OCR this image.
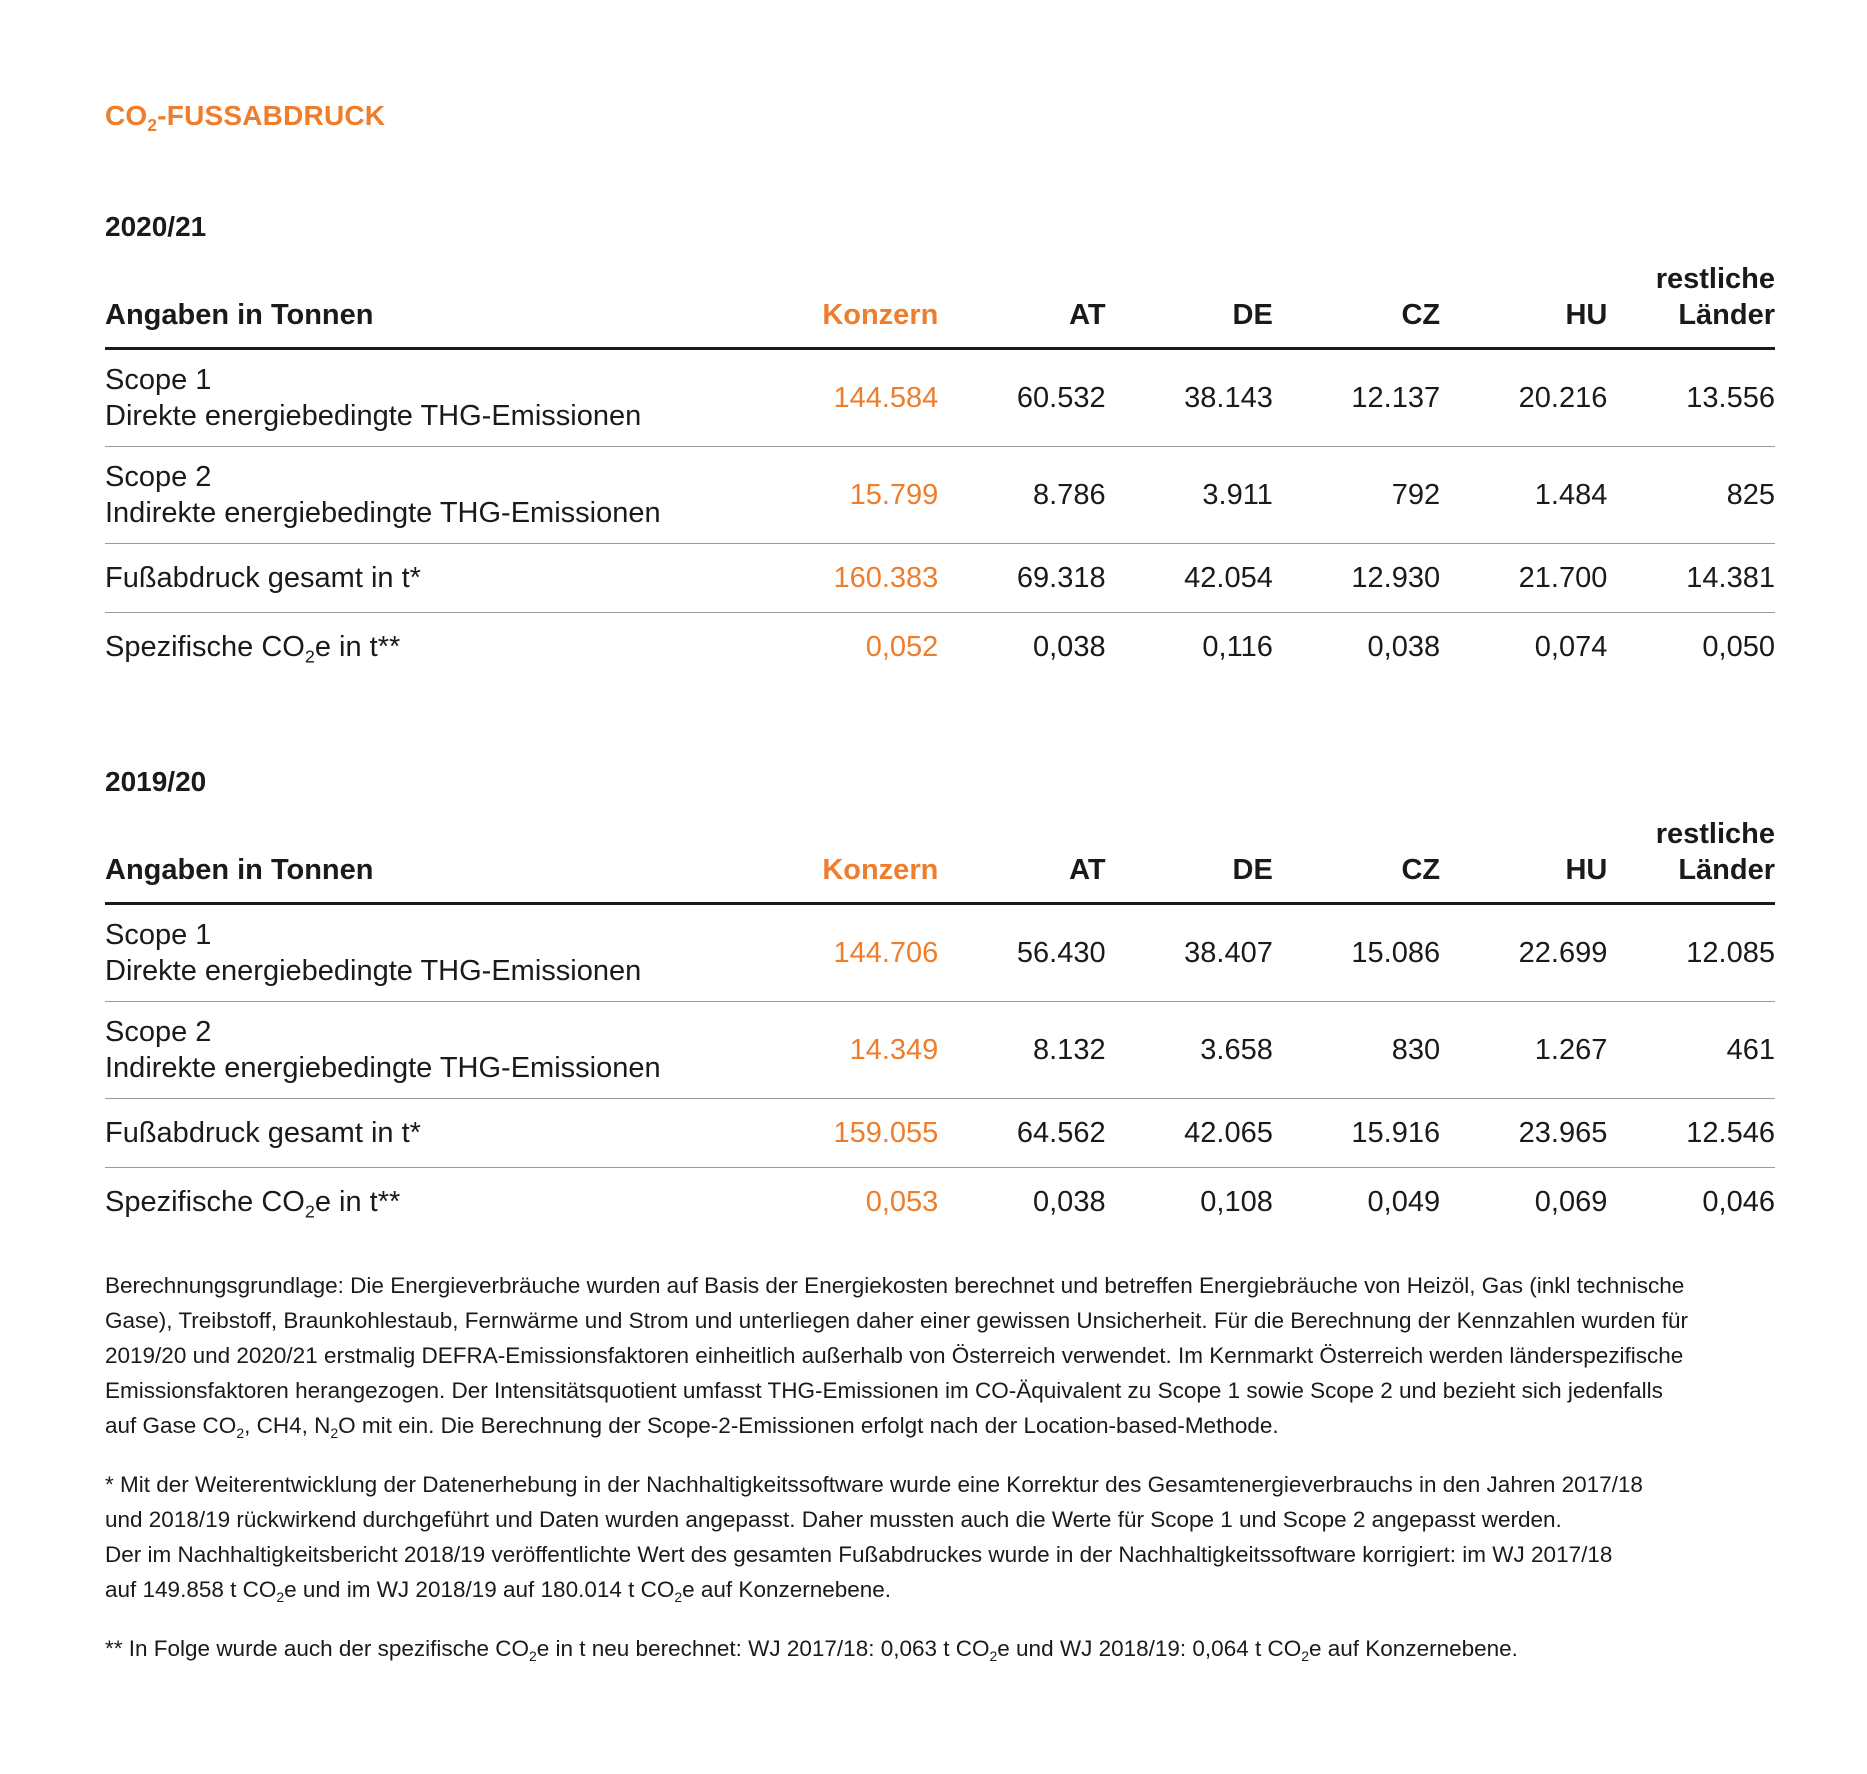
$CO_2$-FUSSABDRUCK
2020/21
Angaben in Tonnen	Konzern	AT	DE	CZ	HU	restliche
Länder
Scope 1
Direkte energiebedingte THG-Emissionen	144.584	60.532	38.143	12.137	20.216	13.556
Scope 2
Indirekte energiebedingte THG-Emissionen	15.799	8.786	3.911	792	1.484	825
Fußabdruck gesamt in t*	160.383	69.318	42.054	12.930	21.700	14.381
Spezifische $CO_2e$ in t**	0,052	0,038	0,116	0,038	0,074	0,050
2019/20
Angaben in Tonnen	Konzern	AT	DE	CZ	HU	restliche
Länder
Scope 1
Direkte energiebedingte THG-Emissionen	144.706	56.430	38.407	15.086	22.699	12.085
Scope 2
Indirekte energiebedingte THG-Emissionen	14.349	8.132	3.658	830	1.267	461
Fußabdruck gesamt in t*	159.055	64.562	42.065	15.916	23.965	12.546
Spezifische $CO_2e$ in t**	0,053	0,038	0,108	0,049	0,069	0,046

Berechnungsgrundlage: Die Energieverbräuche wurden auf Basis der Energiekosten berechnet und betreffen Energiebräuche von Heizöl, Gas (inkl technische
Gase), Treibstoff, Braunkohlestaub, Fernwärme und Strom und unterliegen daher einer gewissen Unsicherheit. Für die Berechnung der Kennzahlen wurden für
2019/20 und 2020/21 erstmalig DEFRA-Emissionsfaktoren einheitlich außerhalb von Österreich verwendet. Im Kernmarkt Österreich werden länderspezifische
Emissionsfaktoren herangezogen. Der Intensitätsquotient umfasst THG-Emissionen im CO-Äquivalent zu Scope 1 sowie Scope 2 und bezieht sich jedenfalls
auf Gase $CO_2$, CH4, $N_2O$ mit ein. Die Berechnung der Scope-2-Emissionen erfolgt nach der Location-based-Methode.

* Mit der Weiterentwicklung der Datenerhebung in der Nachhaltigkeitssoftware wurde eine Korrektur des Gesamtenergieverbrauchs in den Jahren 2017/18
und 2018/19 rückwirkend durchgeführt und Daten wurden angepasst. Daher mussten auch die Werte für Scope 1 und Scope 2 angepasst werden.
Der im Nachhaltigkeitsbericht 2018/19 veröffentlichte Wert des gesamten Fußabdruckes wurde in der Nachhaltigkeitssoftware korrigiert: im WJ 2017/18
auf 149.858 t $CO_2e$ und im WJ 2018/19 auf 180.014 t $CO_2e$ auf Konzernebene.

** In Folge wurde auch der spezifische $CO_2e$ in t neu berechnet: WJ 2017/18: 0,063 t $CO_2e$ und WJ 2018/19: 0,064 t $CO_2e$ auf Konzernebene.
